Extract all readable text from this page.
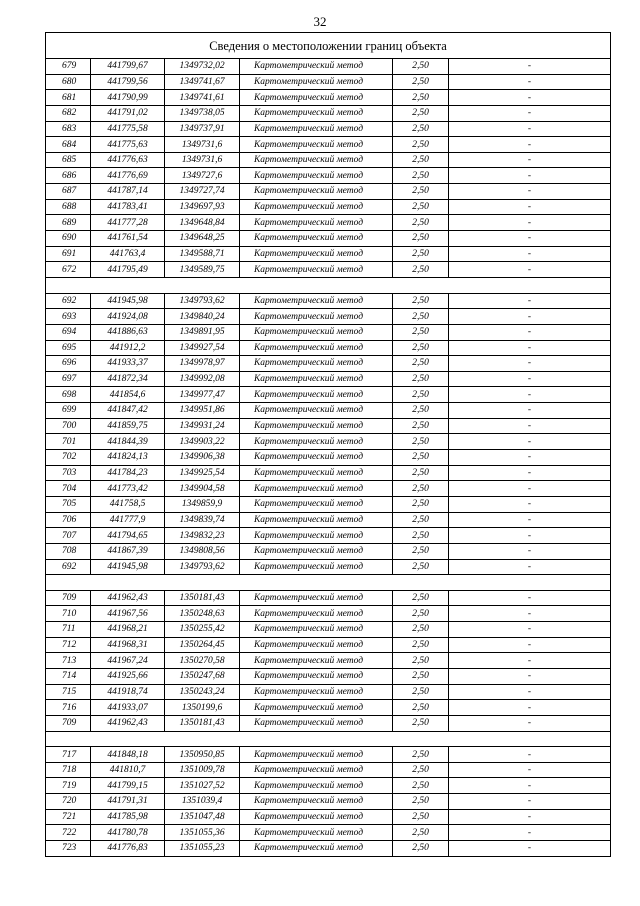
32
Сведения о местоположении границ объекта					
679	441799,67	1349732,02	Картометрический метод	2,50	-
680	441799,56	1349741,67	Картометрический метод	2,50	-
681	441790,99	1349741,61	Картометрический метод	2,50	-
682	441791,02	1349738,05	Картометрический метод	2,50	-
683	441775,58	1349737,91	Картометрический метод	2,50	-
684	441775,63	1349731,6	Картометрический метод	2,50	-
685	441776,63	1349731,6	Картометрический метод	2,50	-
686	441776,69	1349727,6	Картометрический метод	2,50	-
687	441787,14	1349727,74	Картометрический метод	2,50	-
688	441783,41	1349697,93	Картометрический метод	2,50	-
689	441777,28	1349648,84	Картометрический метод	2,50	-
690	441761,54	1349648,25	Картометрический метод	2,50	-
691	441763,4	1349588,71	Картометрический метод	2,50	-
672	441795,49	1349589,75	Картометрический метод	2,50	-

692	441945,98	1349793,62	Картометрический метод	2,50	-
693	441924,08	1349840,24	Картометрический метод	2,50	-
694	441886,63	1349891,95	Картометрический метод	2,50	-
695	441912,2	1349927,54	Картометрический метод	2,50	-
696	441933,37	1349978,97	Картометрический метод	2,50	-
697	441872,34	1349992,08	Картометрический метод	2,50	-
698	441854,6	1349977,47	Картометрический метод	2,50	-
699	441847,42	1349951,86	Картометрический метод	2,50	-
700	441859,75	1349931,24	Картометрический метод	2,50	-
701	441844,39	1349903,22	Картометрический метод	2,50	-
702	441824,13	1349906,38	Картометрический метод	2,50	-
703	441784,23	1349925,54	Картометрический метод	2,50	-
704	441773,42	1349904,58	Картометрический метод	2,50	-
705	441758,5	1349859,9	Картометрический метод	2,50	-
706	441777,9	1349839,74	Картометрический метод	2,50	-
707	441794,65	1349832,23	Картометрический метод	2,50	-
708	441867,39	1349808,56	Картометрический метод	2,50	-
692	441945,98	1349793,62	Картометрический метод	2,50	-

709	441962,43	1350181,43	Картометрический метод	2,50	-
710	441967,56	1350248,63	Картометрический метод	2,50	-
711	441968,21	1350255,42	Картометрический метод	2,50	-
712	441968,31	1350264,45	Картометрический метод	2,50	-
713	441967,24	1350270,58	Картометрический метод	2,50	-
714	441925,66	1350247,68	Картометрический метод	2,50	-
715	441918,74	1350243,24	Картометрический метод	2,50	-
716	441933,07	1350199,6	Картометрический метод	2,50	-
709	441962,43	1350181,43	Картометрический метод	2,50	-

717	441848,18	1350950,85	Картометрический метод	2,50	-
718	441810,7	1351009,78	Картометрический метод	2,50	-
719	441799,15	1351027,52	Картометрический метод	2,50	-
720	441791,31	1351039,4	Картометрический метод	2,50	-
721	441785,98	1351047,48	Картометрический метод	2,50	-
722	441780,78	1351055,36	Картометрический метод	2,50	-
723	441776,83	1351055,23	Картометрический метод	2,50	-
